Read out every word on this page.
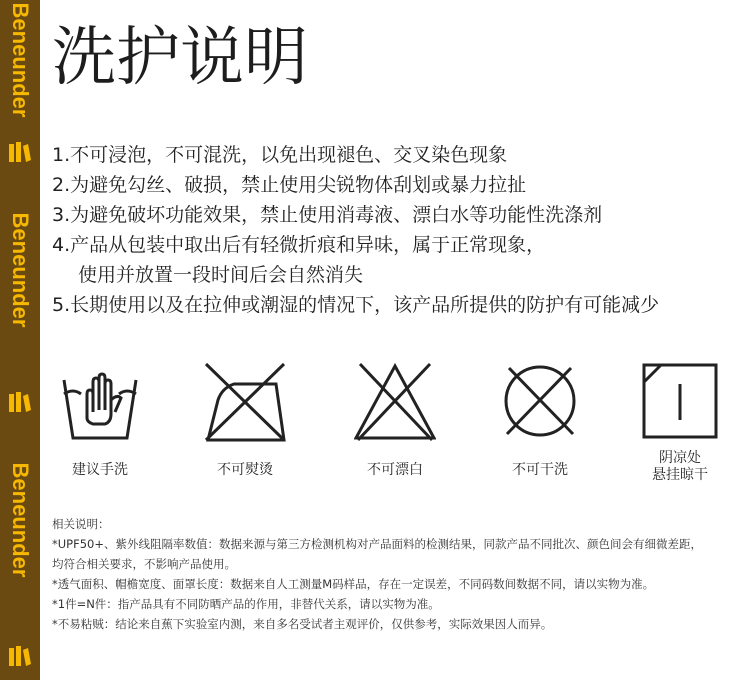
Beneunder
Beneunder
Beneunder
洗护说明
1.不可浸泡，不可混洗，以免出现褪色、交叉染色现象
2.为避免勾丝、破损，禁止使用尖锐物体刮划或暴力拉扯
3.为避免破坏功能效果，禁止使用消毒液、漂白水等功能性洗涤剂
4.产品从包装中取出后有轻微折痕和异味，属于正常现象，
使用并放置一段时间后会自然消失
5.长期使用以及在拉伸或潮湿的情况下，该产品所提供的防护有可能减少
建议手洗	不可熨烫	不可漂白	不可干洗
阴凉处
悬挂晾干

相关说明：

*UPF50+、紫外线阻隔率数值：数据来源与第三方检测机构对产品面料的检测结果，同款产品不同批次、颜色间会有细微差距，

均符合相关要求，不影响产品使用。

*透气面积、帽檐宽度、面罩长度：数据来自人工测量M码样品，存在一定误差，不同码数间数据不同，请以实物为准。

*1件=N件：指产品具有不同防晒产品的作用，非替代关系，请以实物为准。

*不易粘贼：结论来自蕉下实验室内测，来自多名受试者主观评价，仅供参考，实际效果因人而异。
